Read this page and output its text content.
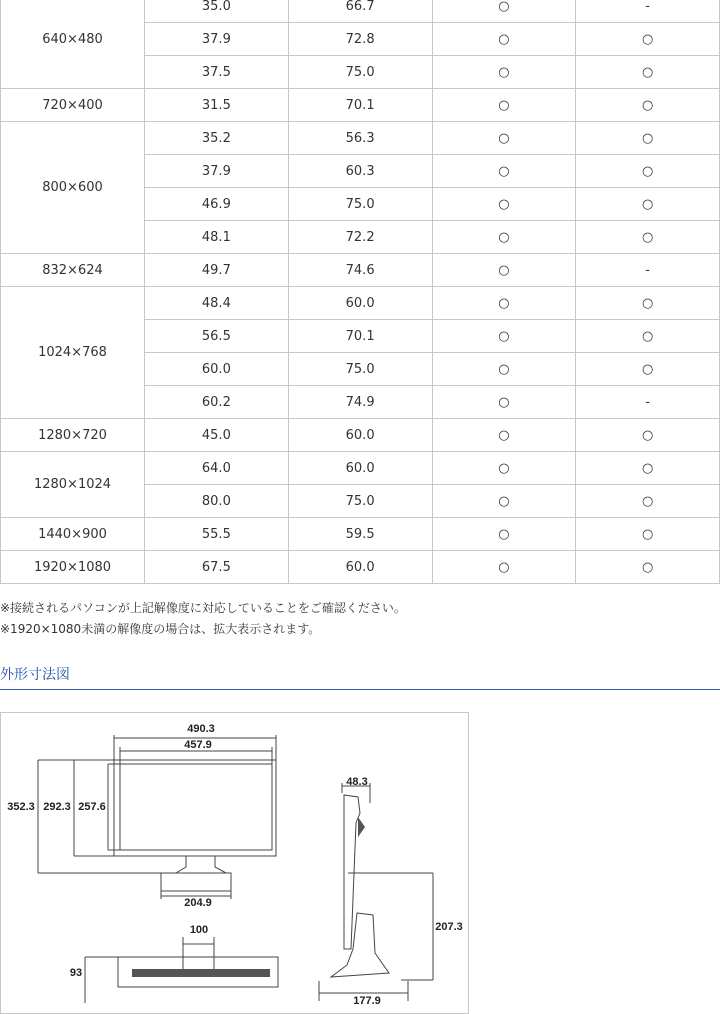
640×480	35.0	66.7	○	-
	37.9	72.8	○	○
	37.5	75.0	○	○
720×400	31.5	70.1	○	○
800×600	35.2	56.3	○	○
	37.9	60.3	○	○
	46.9	75.0	○	○
	48.1	72.2	○	○
832×624	49.7	74.6	○	-
1024×768	48.4	60.0	○	○
	56.5	70.1	○	○
	60.0	75.0	○	○
	60.2	74.9	○	-
1280×720	45.0	60.0	○	○
1280×1024	64.0	60.0	○	○
	80.0	75.0	○	○
1440×900	55.5	59.5	○	○
1920×1080	67.5	60.0	○	○
※接続されるパソコンが上記解像度に対応していることをご確認ください。
※1920×1080未満の解像度の場合は、拡大表示されます。
外形寸法図
490.3
457.9
352.3 292.3 257.6
204.9
48.3
207.3
100
93
177.9
